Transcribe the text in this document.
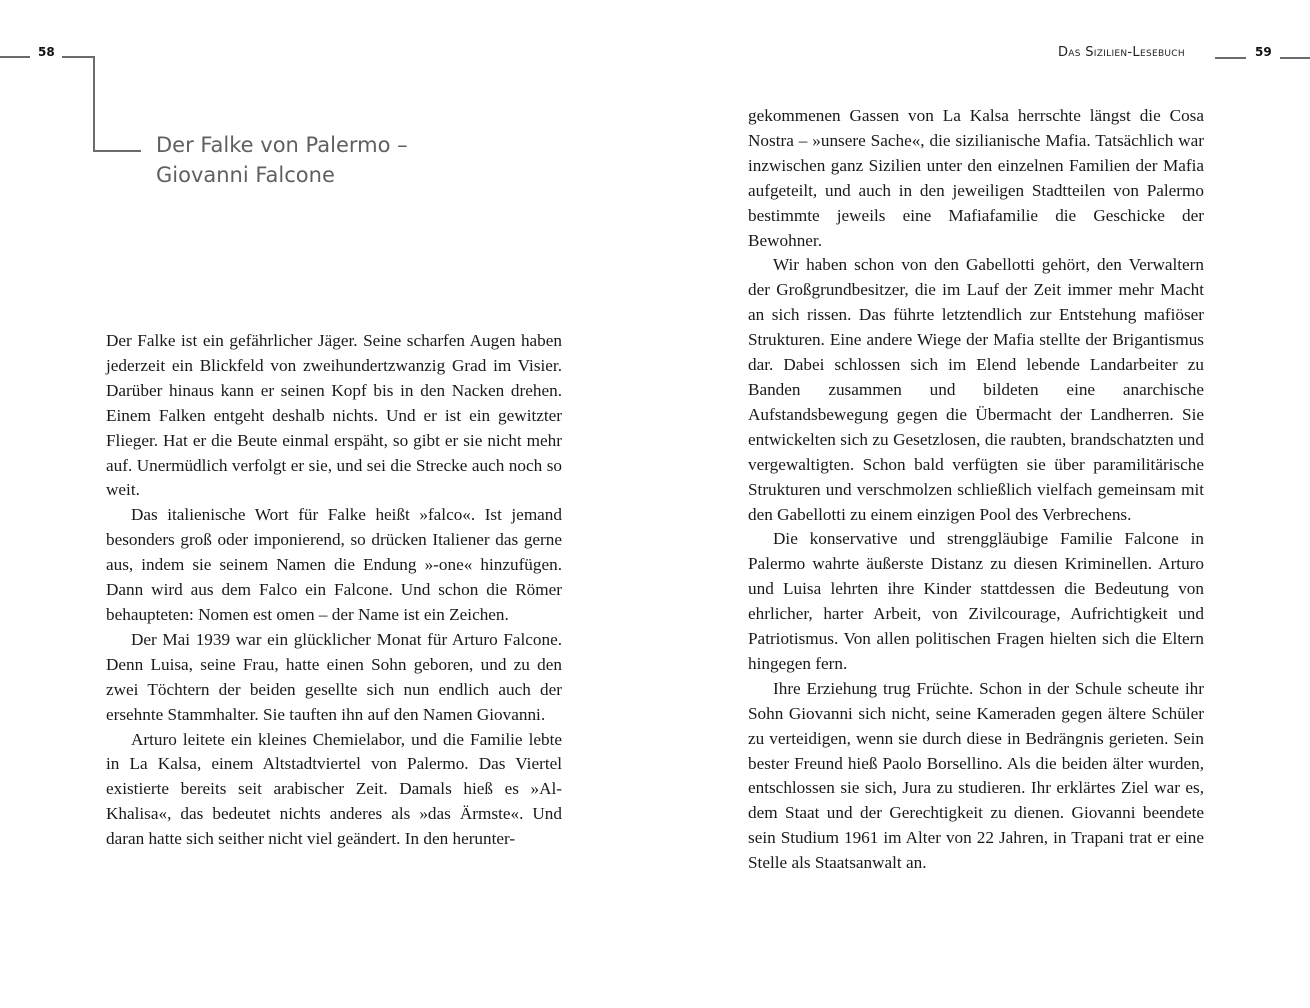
58
Der Falke von Palermo –
Giovanni Falcone

Der Falke ist ein gefährlicher Jäger. Seine scharfen Augen haben jederzeit ein Blickfeld von zweihundertzwanzig Grad im Visier. Darüber hinaus kann er seinen Kopf bis in den Nacken drehen. Einem Falken entgeht deshalb nichts. Und er ist ein gewitzter Flieger. Hat er die Beute einmal erspäht, so gibt er sie nicht mehr auf. Unermüdlich verfolgt er sie, und sei die Strecke auch noch so weit.

Das italienische Wort für Falke heißt »falco«. Ist jemand besonders groß oder imponierend, so drücken Italiener das gerne aus, indem sie seinem Namen die Endung »-one« hinzufügen. Dann wird aus dem Falco ein Falcone. Und schon die Römer behaupteten: Nomen est omen – der Name ist ein Zeichen.

Der Mai 1939 war ein glücklicher Monat für Arturo Falcone. Denn Luisa, seine Frau, hatte einen Sohn geboren, und zu den zwei Töchtern der beiden gesellte sich nun endlich auch der ersehnte Stammhalter. Sie tauften ihn auf den Namen Giovanni.

Arturo leitete ein kleines Chemielabor, und die Familie lebte in La Kalsa, einem Altstadtviertel von Palermo. Das Viertel existierte bereits seit arabischer Zeit. Damals hieß es »Al-Khalisa«, das bedeutet nichts anderes als »das Ärmste«. Und daran hatte sich seither nicht viel geändert. In den herunter-

Das Sizilien-Lesebuch	59

gekommenen Gassen von La Kalsa herrschte längst die Cosa Nostra – »unsere Sache«, die sizilianische Mafia. Tatsächlich war inzwischen ganz Sizilien unter den einzelnen Familien der Mafia aufgeteilt, und auch in den jeweiligen Stadtteilen von Palermo bestimmte jeweils eine Mafiafamilie die Geschicke der Bewohner.

Wir haben schon von den Gabellotti gehört, den Verwaltern der Großgrundbesitzer, die im Lauf der Zeit immer mehr Macht an sich rissen. Das führte letztendlich zur Entstehung mafiöser Strukturen. Eine andere Wiege der Mafia stellte der Brigantismus dar. Dabei schlossen sich im Elend lebende Landarbeiter zu Banden zusammen und bildeten eine anarchische Aufstandsbewegung gegen die Übermacht der Landherren. Sie entwickelten sich zu Gesetzlosen, die raubten, brandschatzten und vergewaltigten. Schon bald verfügten sie über paramilitärische Strukturen und verschmolzen schließlich vielfach gemeinsam mit den Gabellotti zu einem einzigen Pool des Verbrechens.

Die konservative und strenggläubige Familie Falcone in Palermo wahrte äußerste Distanz zu diesen Kriminellen. Arturo und Luisa lehrten ihre Kinder stattdessen die Bedeutung von ehrlicher, harter Arbeit, von Zivilcourage, Aufrichtigkeit und Patriotismus. Von allen politischen Fragen hielten sich die Eltern hingegen fern.

Ihre Erziehung trug Früchte. Schon in der Schule scheute ihr Sohn Giovanni sich nicht, seine Kameraden gegen ältere Schüler zu verteidigen, wenn sie durch diese in Bedrängnis gerieten. Sein bester Freund hieß Paolo Borsellino. Als die beiden älter wurden, entschlossen sie sich, Jura zu studieren. Ihr erklärtes Ziel war es, dem Staat und der Gerechtigkeit zu dienen. Giovanni beendete sein Studium 1961 im Alter von 22 Jahren, in Trapani trat er eine Stelle als Staatsanwalt an.
